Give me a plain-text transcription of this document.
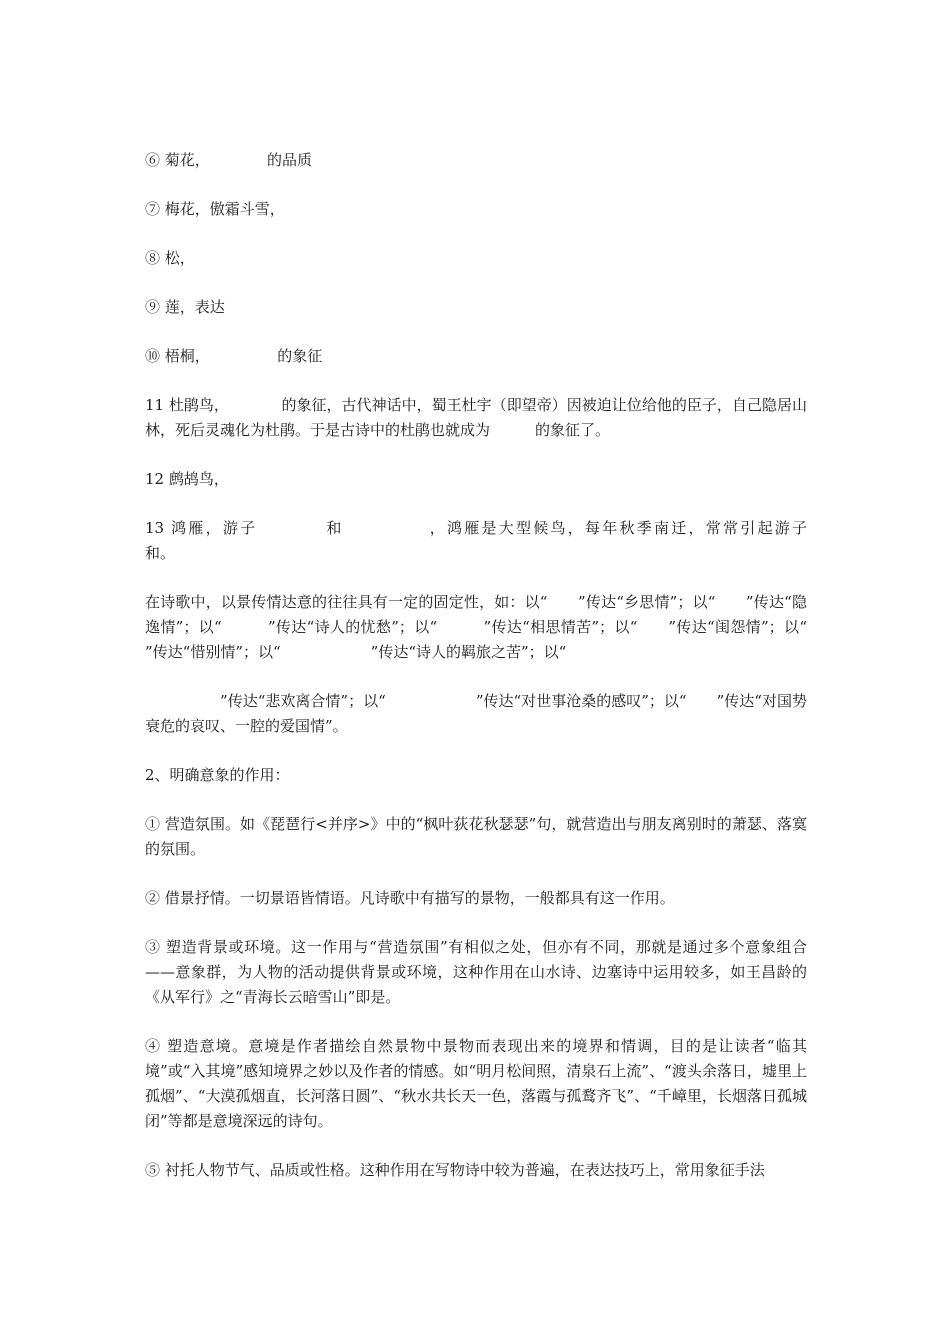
⑥ 菊花，　　　　 的品质

⑦ 梅花，傲霜斗雪，

⑧ 松，

⑨ 莲，表达

⑩ 梧桐，　　　　　的象征

11 杜鹃鸟，　　　　的象征，古代神话中，蜀王杜宇（即望帝）因被迫让位给他的臣子，自己隐居山林，死后灵魂化为杜鹃。于是古诗中的杜鹃也就成为　　　的象征了。

12 鹧鸪鸟，

13 鸿雁，游子　　　　和　　　　　，鸿雁是大型候鸟，每年秋季南迁，常常引起游子　　　　　和。

在诗歌中，以景传情达意的往往具有一定的固定性，如：以“　　”传达“乡思情”；以“　　”传达“隐逸情”；以“　　　”传达“诗人的忧愁”；以“　　　”传达“相思情苦”；以“　　”传达“闺怨情”；以“　　　　　”传达“惜别情”；以“　　　　　　”传达“诗人的羁旅之苦”；以“

　　　　　”传达“悲欢离合情”；以“　　　　　　”传达“对世事沧桑的感叹”；以“　　”传达“对国势衰危的哀叹、一腔的爱国情”。

2、明确意象的作用：

① 营造氛围。如《琵琶行<并序>》中的“枫叶荻花秋瑟瑟”句，就营造出与朋友离别时的萧瑟、落寞的氛围。

② 借景抒情。一切景语皆情语。凡诗歌中有描写的景物，一般都具有这一作用。

③ 塑造背景或环境。这一作用与“营造氛围”有相似之处，但亦有不同，那就是通过多个意象组合——意象群，为人物的活动提供背景或环境，这种作用在山水诗、边塞诗中运用较多，如王昌龄的《从军行》之“青海长云暗雪山”即是。

④ 塑造意境。意境是作者描绘自然景物中景物而表现出来的境界和情调，目的是让读者“临其境”或“入其境”感知境界之妙以及作者的情感。如“明月松间照，清泉石上流”、“渡头余落日，墟里上孤烟”、“大漠孤烟直，长河落日圆”、“秋水共长天一色，落霞与孤鹜齐飞”、“千嶂里，长烟落日孤城闭”等都是意境深远的诗句。

⑤ 衬托人物节气、品质或性格。这种作用在写物诗中较为普遍，在表达技巧上，常用象征手法
